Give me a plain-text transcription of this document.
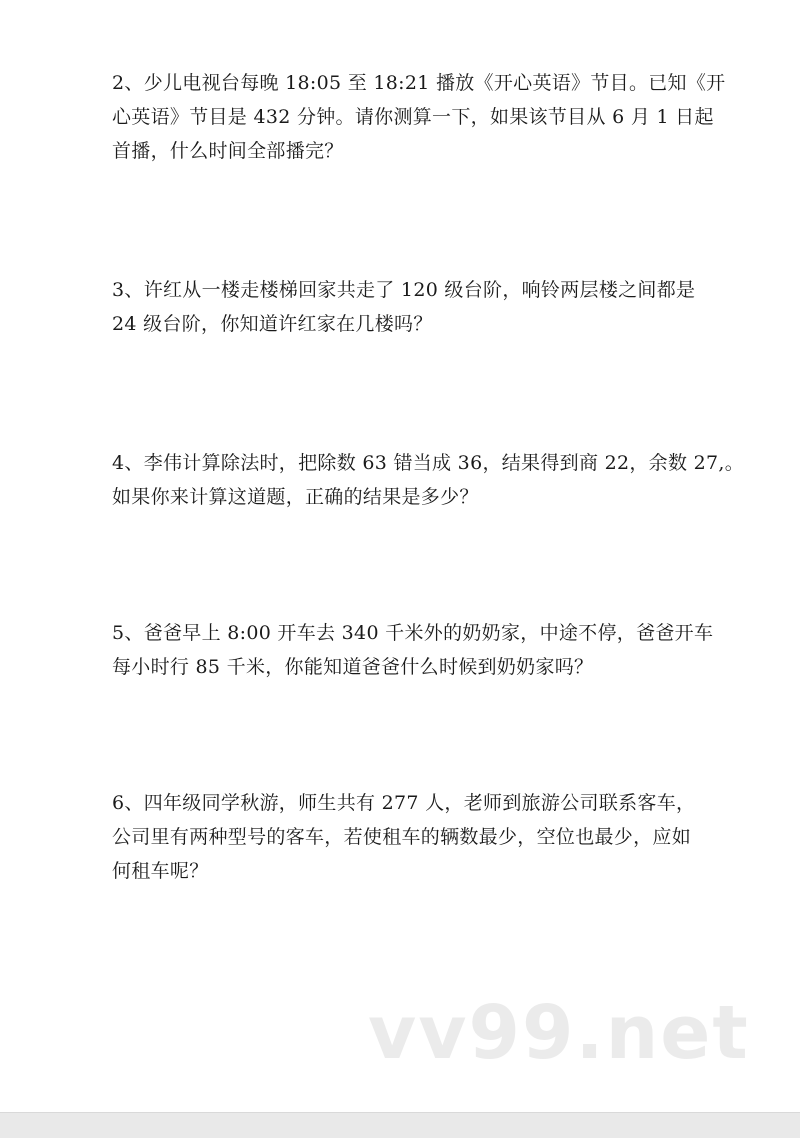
2、少儿电视台每晚 18:05 至 18:21 播放《开心英语》节目。已知《开
心英语》节目是 432 分钟。请你测算一下，如果该节目从 6 月 1 日起
首播，什么时间全部播完？
3、许红从一楼走楼梯回家共走了 120 级台阶，响铃两层楼之间都是
24 级台阶，你知道许红家在几楼吗？
4、李伟计算除法时，把除数 63 错当成 36，结果得到商 22，余数 27,。
如果你来计算这道题，正确的结果是多少？
5、爸爸早上 8:00 开车去 340 千米外的奶奶家，中途不停，爸爸开车
每小时行 85 千米，你能知道爸爸什么时候到奶奶家吗？
6、四年级同学秋游，师生共有 277 人，老师到旅游公司联系客车，
公司里有两种型号的客车，若使租车的辆数最少，空位也最少，应如
何租车呢？
vv99.net
